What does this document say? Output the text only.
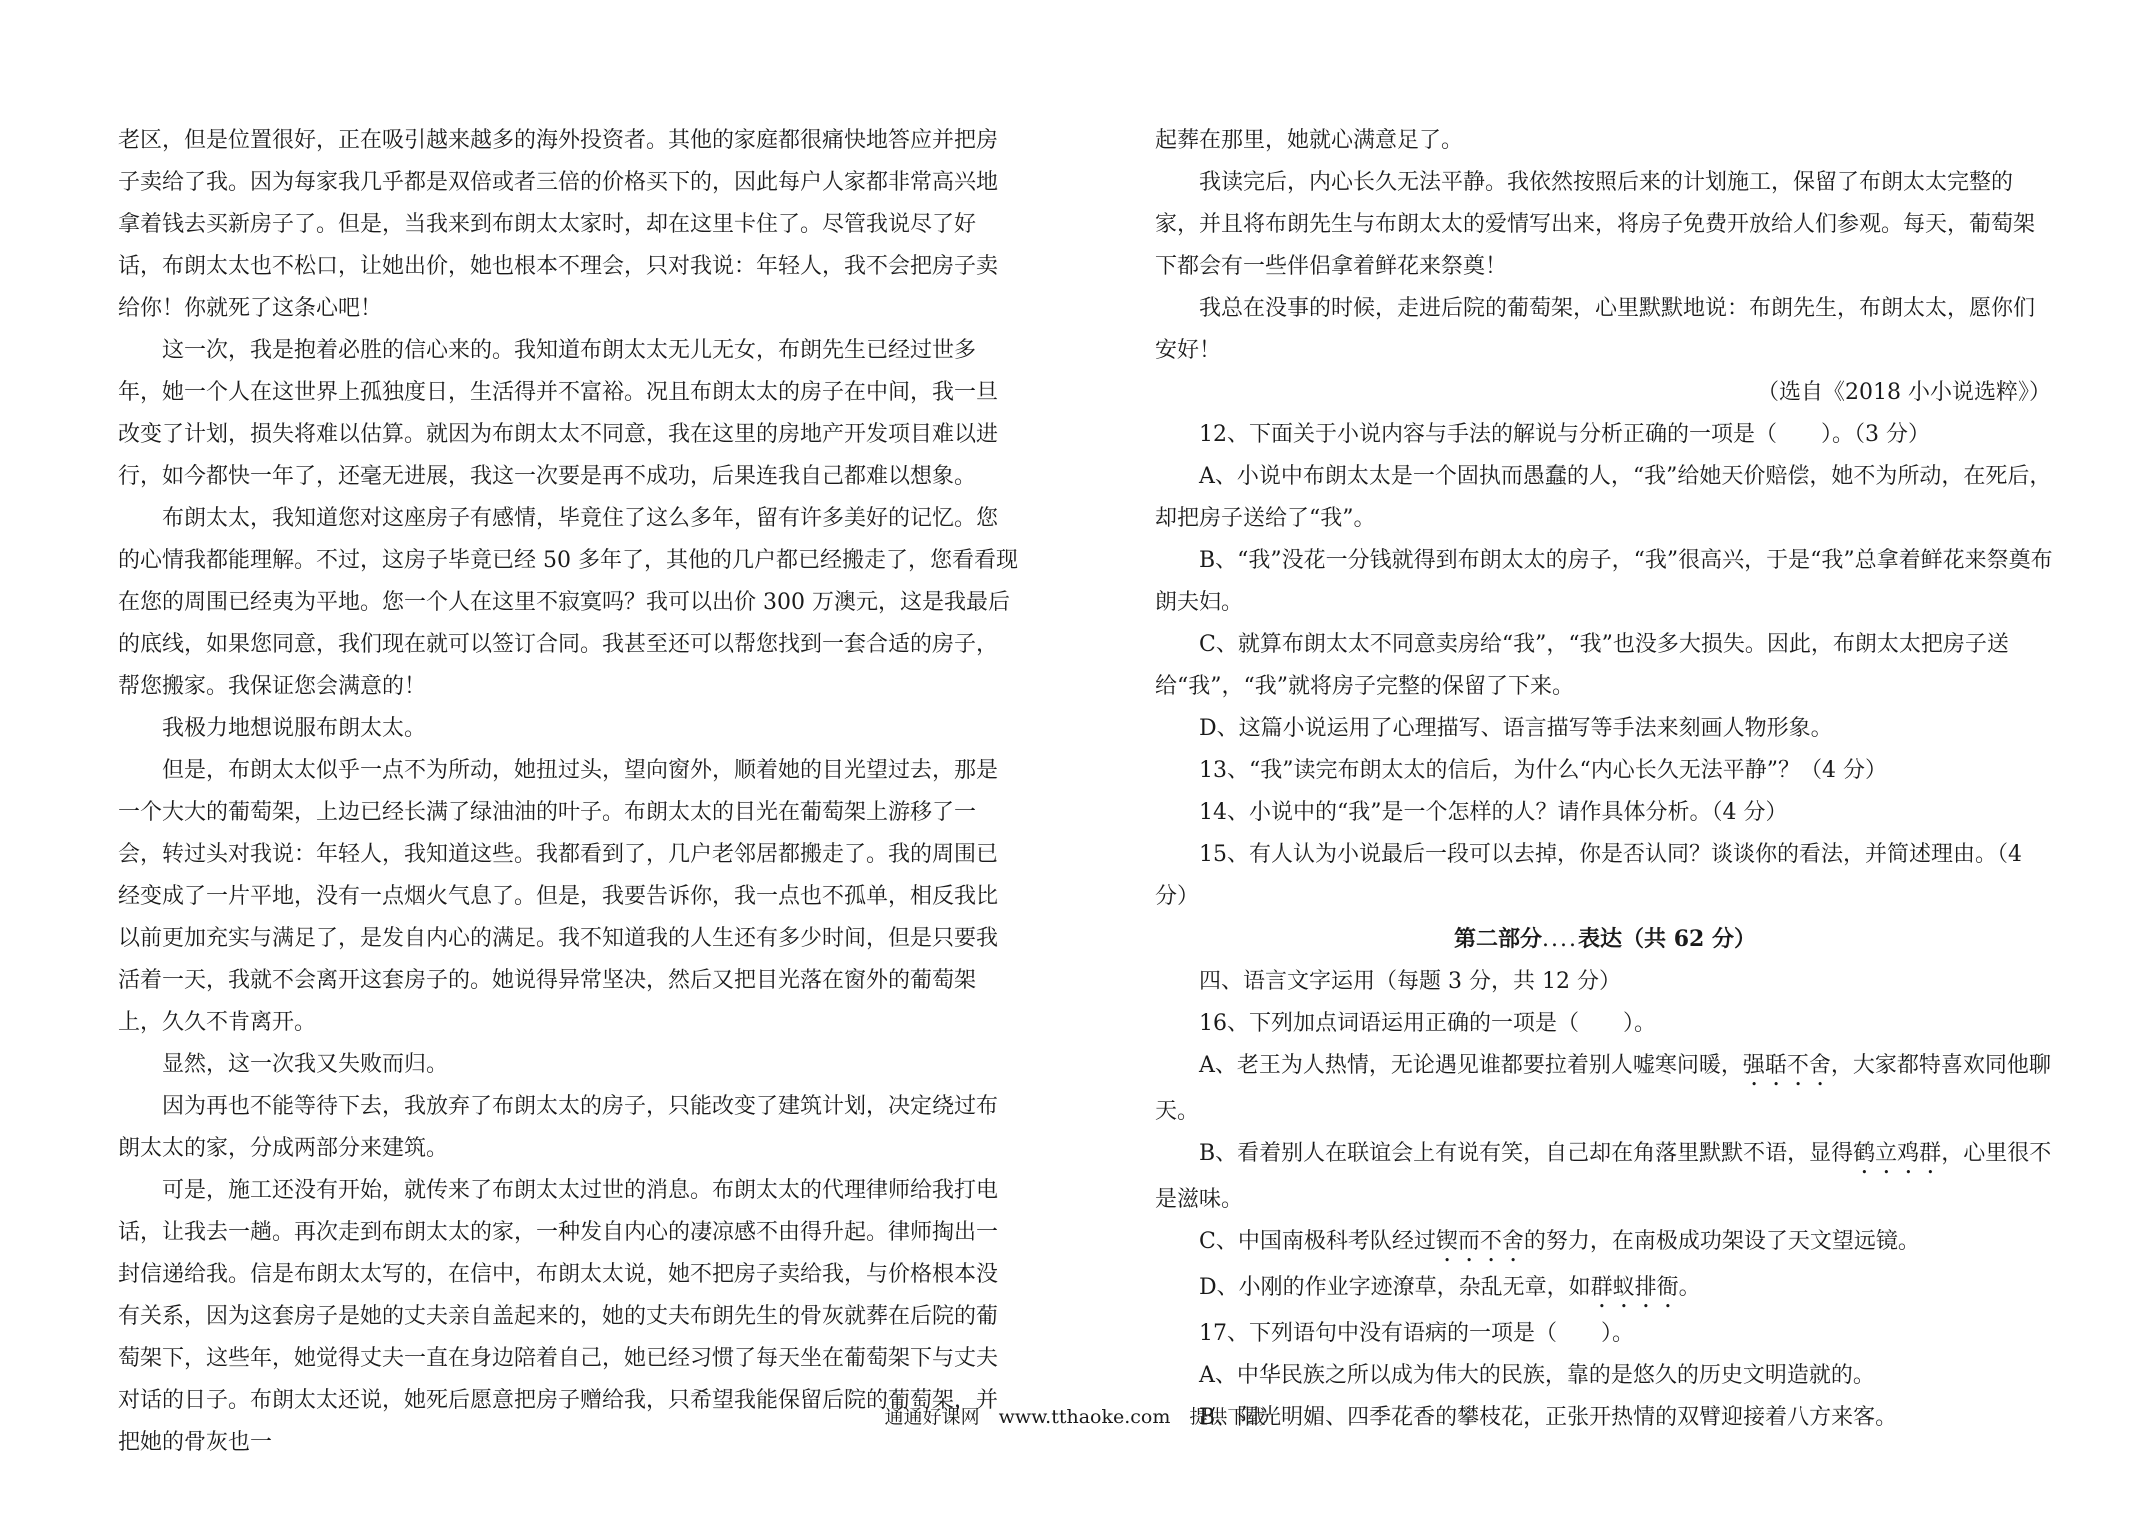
老区，但是位置很好，正在吸引越来越多的海外投资者。其他的家庭都很痛快地答应并把房子卖给了我。因为每家我几乎都是双倍或者三倍的价格买下的，因此每户人家都非常高兴地拿着钱去买新房子了。但是，当我来到布朗太太家时，却在这里卡住了。尽管我说尽了好话，布朗太太也不松口，让她出价，她也根本不理会，只对我说：年轻人，我不会把房子卖给你！你就死了这条心吧！

这一次，我是抱着必胜的信心来的。我知道布朗太太无儿无女，布朗先生已经过世多年，她一个人在这世界上孤独度日，生活得并不富裕。况且布朗太太的房子在中间，我一旦改变了计划，损失将难以估算。就因为布朗太太不同意，我在这里的房地产开发项目难以进行，如今都快一年了，还毫无进展，我这一次要是再不成功，后果连我自己都难以想象。

布朗太太，我知道您对这座房子有感情，毕竟住了这么多年，留有许多美好的记忆。您的心情我都能理解。不过，这房子毕竟已经 50 多年了，其他的几户都已经搬走了，您看看现在您的周围已经夷为平地。您一个人在这里不寂寞吗？我可以出价 300 万澳元，这是我最后的底线，如果您同意，我们现在就可以签订合同。我甚至还可以帮您找到一套合适的房子，帮您搬家。我保证您会满意的！

我极力地想说服布朗太太。

但是，布朗太太似乎一点不为所动，她扭过头，望向窗外，顺着她的目光望过去，那是一个大大的葡萄架，上边已经长满了绿油油的叶子。布朗太太的目光在葡萄架上游移了一会，转过头对我说：年轻人，我知道这些。我都看到了，几户老邻居都搬走了。我的周围已经变成了一片平地，没有一点烟火气息了。但是，我要告诉你，我一点也不孤单，相反我比以前更加充实与满足了，是发自内心的满足。我不知道我的人生还有多少时间，但是只要我活着一天，我就不会离开这套房子的。她说得异常坚决，然后又把目光落在窗外的葡萄架上，久久不肯离开。

显然，这一次我又失败而归。

因为再也不能等待下去，我放弃了布朗太太的房子，只能改变了建筑计划，决定绕过布朗太太的家，分成两部分来建筑。

可是，施工还没有开始，就传来了布朗太太过世的消息。布朗太太的代理律师给我打电话，让我去一趟。再次走到布朗太太的家，一种发自内心的凄凉感不由得升起。律师掏出一封信递给我。信是布朗太太写的，在信中，布朗太太说，她不把房子卖给我，与价格根本没有关系，因为这套房子是她的丈夫亲自盖起来的，她的丈夫布朗先生的骨灰就葬在后院的葡萄架下，这些年，她觉得丈夫一直在身边陪着自己，她已经习惯了每天坐在葡萄架下与丈夫对话的日子。布朗太太还说，她死后愿意把房子赠给我，只希望我能保留后院的葡萄架，并把她的骨灰也一

起葬在那里，她就心满意足了。

我读完后，内心长久无法平静。我依然按照后来的计划施工，保留了布朗太太完整的家，并且将布朗先生与布朗太太的爱情写出来，将房子免费开放给人们参观。每天，葡萄架下都会有一些伴侣拿着鲜花来祭奠！

我总在没事的时候，走进后院的葡萄架，心里默默地说：布朗先生，布朗太太，愿你们安好！

（选自《2018 小小说选粹》）

12、下面关于小说内容与手法的解说与分析正确的一项是（　　）。（3 分）

A、小说中布朗太太是一个固执而愚蠢的人，“我”给她天价赔偿，她不为所动，在死后，却把房子送给了“我”。

B、“我”没花一分钱就得到布朗太太的房子，“我”很高兴，于是“我”总拿着鲜花来祭奠布朗夫妇。

C、就算布朗太太不同意卖房给“我”，“我”也没多大损失。因此，布朗太太把房子送给“我”，“我”就将房子完整的保留了下来。

D、这篇小说运用了心理描写、语言描写等手法来刻画人物形象。

13、“我”读完布朗太太的信后，为什么“内心长久无法平静”？（4 分）

14、小说中的“我”是一个怎样的人？请作具体分析。（4 分）

15、有人认为小说最后一段可以去掉，你是否认同？谈谈你的看法，并简述理由。（4 分）

第二部分....表达（共 62 分）

四、语言文字运用（每题 3 分，共 12 分）

16、下列加点词语运用正确的一项是（　　）。

A、老王为人热情，无论遇见谁都要拉着别人嘘寒问暖，强聒不舍，大家都特喜欢同他聊天。

B、看着别人在联谊会上有说有笑，自己却在角落里默默不语，显得鹤立鸡群，心里很不是滋味。

C、中国南极科考队经过锲而不舍的努力，在南极成功架设了天文望远镜。

D、小刚的作业字迹潦草，杂乱无章，如群蚁排衙。

17、下列语句中没有语病的一项是（　　）。

A、中华民族之所以成为伟大的民族，靠的是悠久的历史文明造就的。

B、阳光明媚、四季花香的攀枝花，正张开热情的双臂迎接着八方来客。

通通好课网　www.tthaoke.com　提供下载
